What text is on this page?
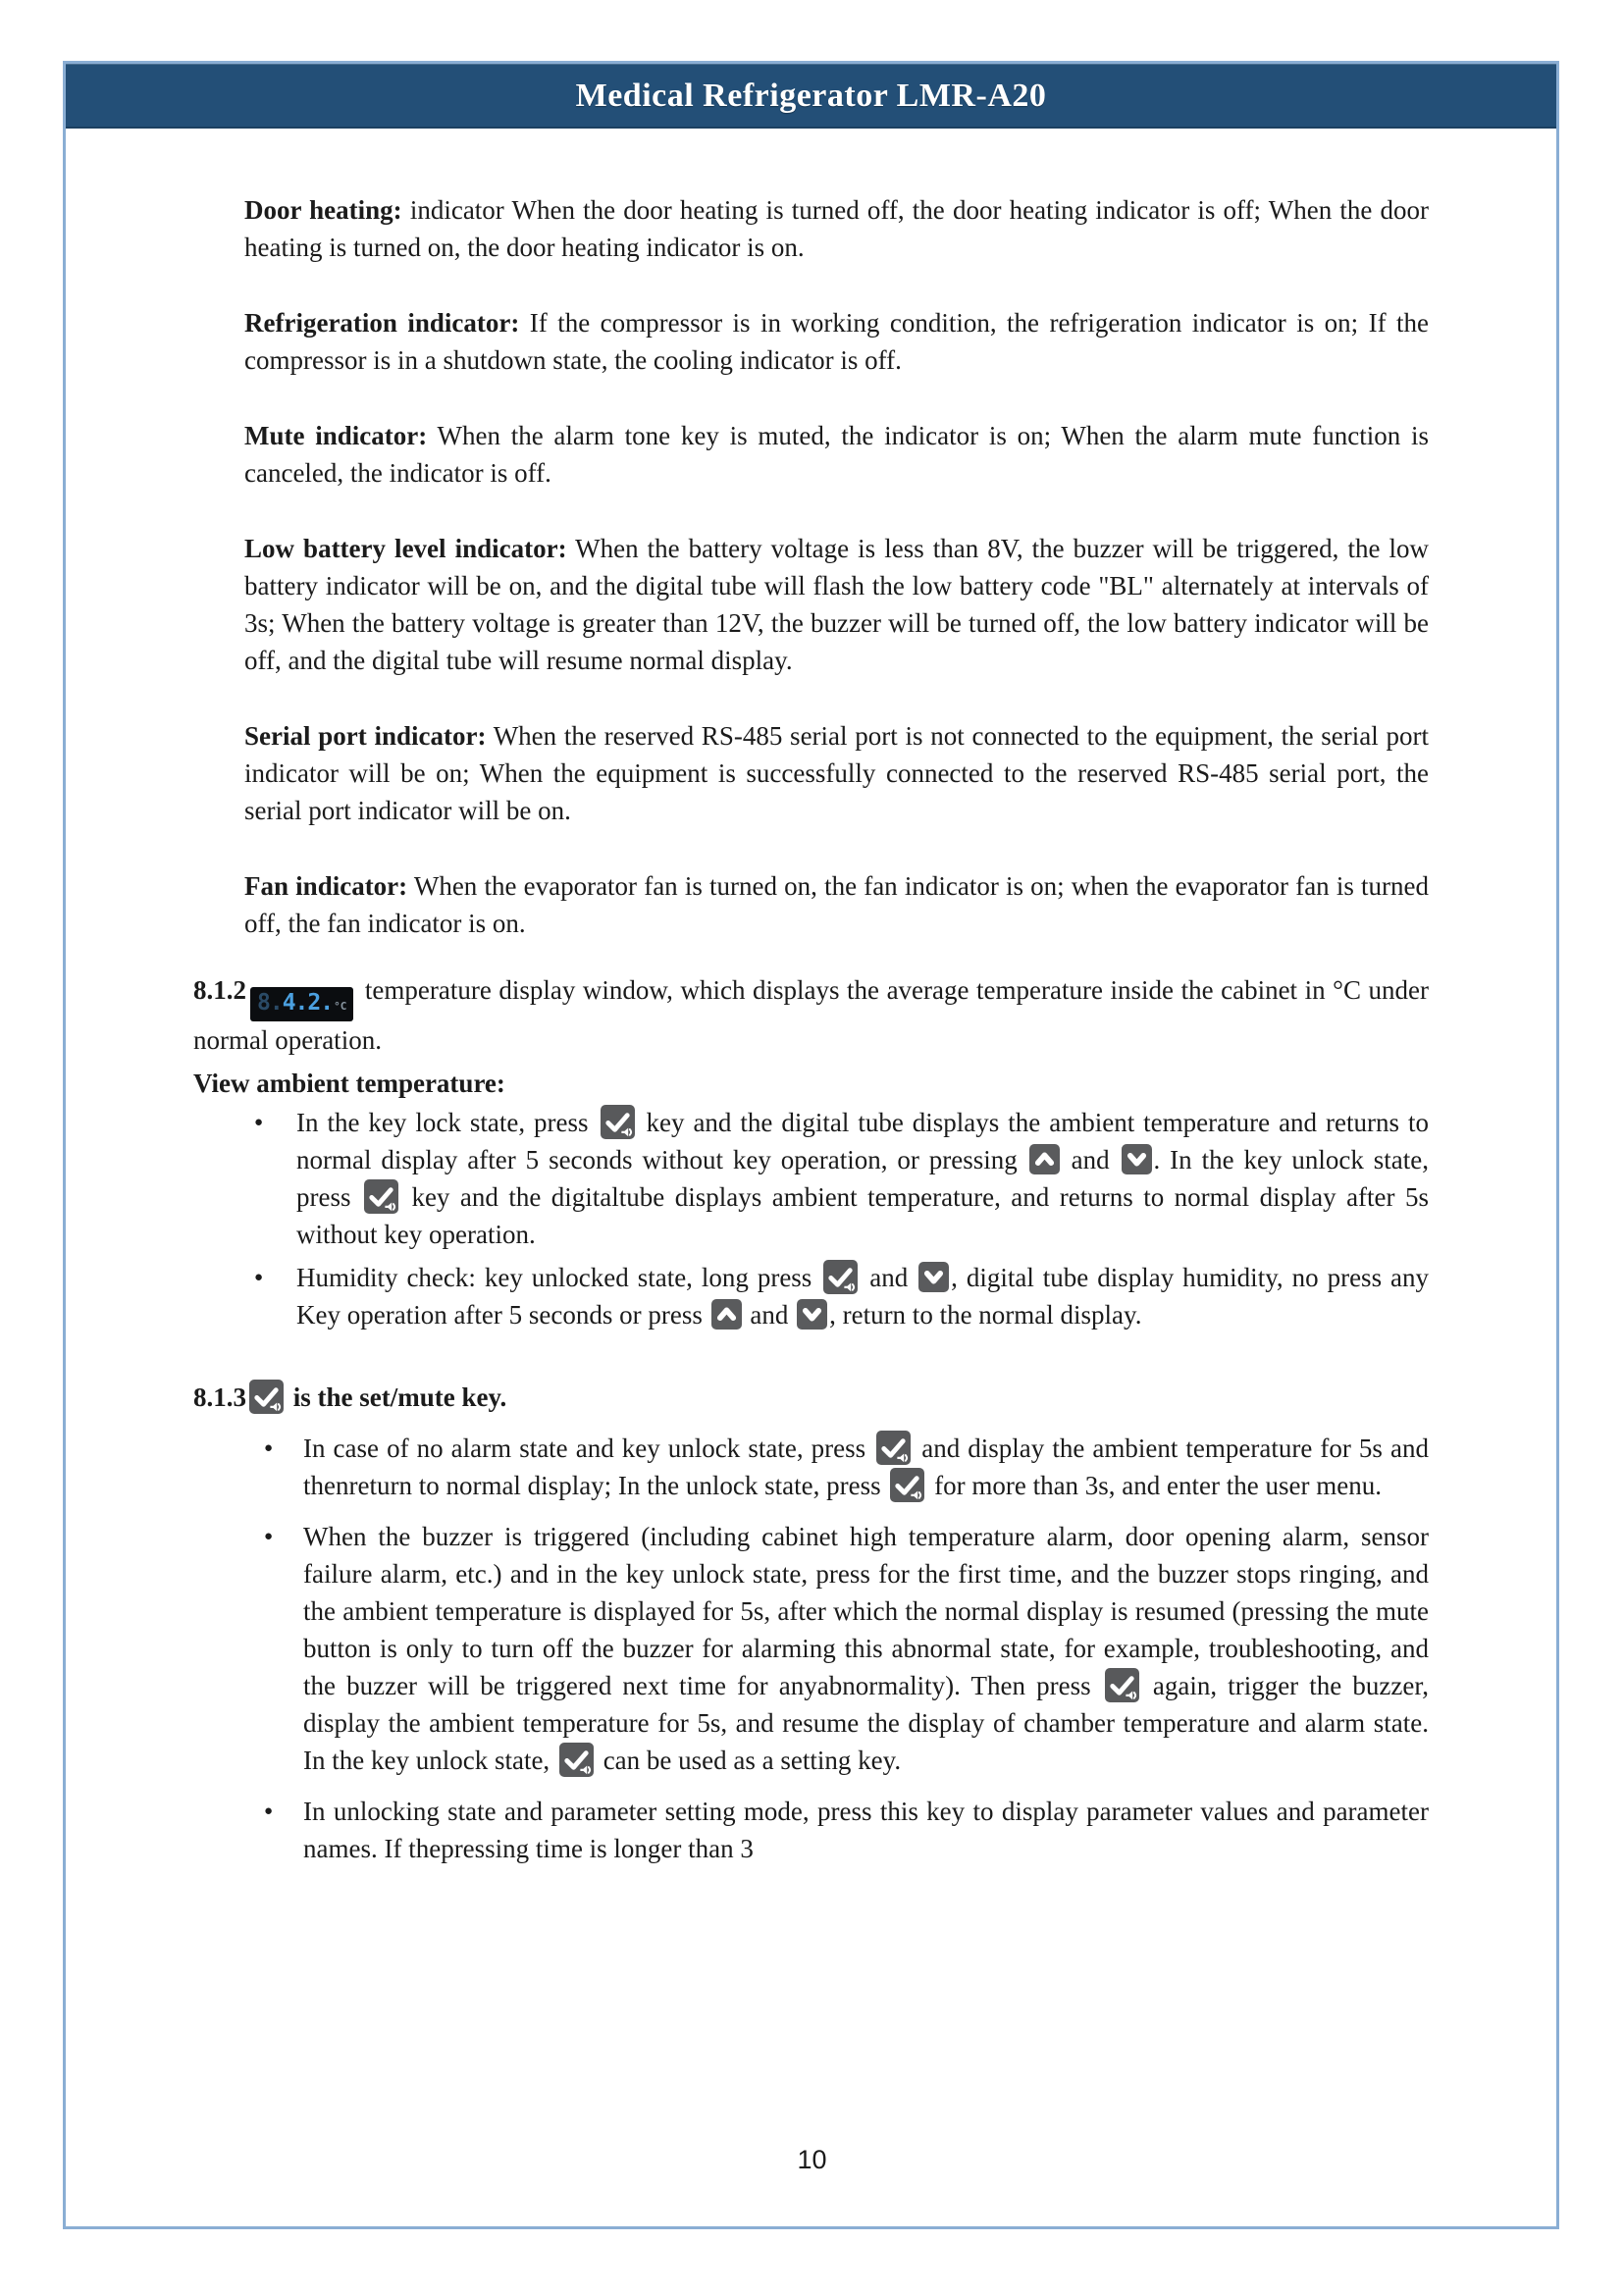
Medical Refrigerator LMR-A20

Door heating: indicator When the door heating is turned off, the door heating indicator is off; When the door heating is turned on, the door heating indicator is on.

Refrigeration indicator: If the compressor is in working condition, the refrigeration indicator is on; If the compressor is in a shutdown state, the cooling indicator is off.

Mute indicator: When the alarm tone key is muted, the indicator is on; When the alarm mute function is canceled, the indicator is off.

Low battery level indicator: When the battery voltage is less than 8V, the buzzer will be triggered, the low battery indicator will be on, and the digital tube will flash the low battery code "BL" alternately at intervals of 3s; When the battery voltage is greater than 12V, the buzzer will be turned off, the low battery indicator will be off, and the digital tube will resume normal display.

Serial port indicator: When the reserved RS-485 serial port is not connected to the equipment, the serial port indicator will be on; When the equipment is successfully connected to the reserved RS-485 serial port, the serial port indicator will be on.

Fan indicator: When the evaporator fan is turned on, the fan indicator is on; when the evaporator fan is turned off, the fan indicator is on.

8.1.2 8. 4.2. °C
temperature display window, which displays the average temperature inside the cabinet in °C under normal operation.

View ambient temperature:

● In the key lock state, press
key and the digital tube displays the ambient temperature and returns to normal display after 5 seconds without key operation, or pressing
and
. In the key unlock state, press
key and the digitaltube displays ambient temperature, and returns to normal display after 5s without key operation.
● Humidity check: key unlocked state, long press
and
, digital tube display humidity, no press any Key operation after 5 seconds or press
and
, return to the normal display.

8.1.3
is the set/mute key.

● In case of no alarm state and key unlock state, press
and display the ambient temperature for 5s and thenreturn to normal display; In the unlock state, press
for more than 3s, and enter the user menu.
● When the buzzer is triggered (including cabinet high temperature alarm, door opening alarm, sensor failure alarm, etc.) and in the key unlock state, press for the first time, and the buzzer stops ringing, and the ambient temperature is displayed for 5s, after which the normal display is resumed (pressing the mute button is only to turn off the buzzer for alarming this abnormal state, for example, troubleshooting, and the buzzer will be triggered next time for anyabnormality). Then press
again, trigger the buzzer, display the ambient temperature for 5s, and resume the display of chamber temperature and alarm state. In the key unlock state,
can be used as a setting key.
● In unlocking state and parameter setting mode, press this key to display parameter values and parameter names. If thepressing time is longer than 3
10
